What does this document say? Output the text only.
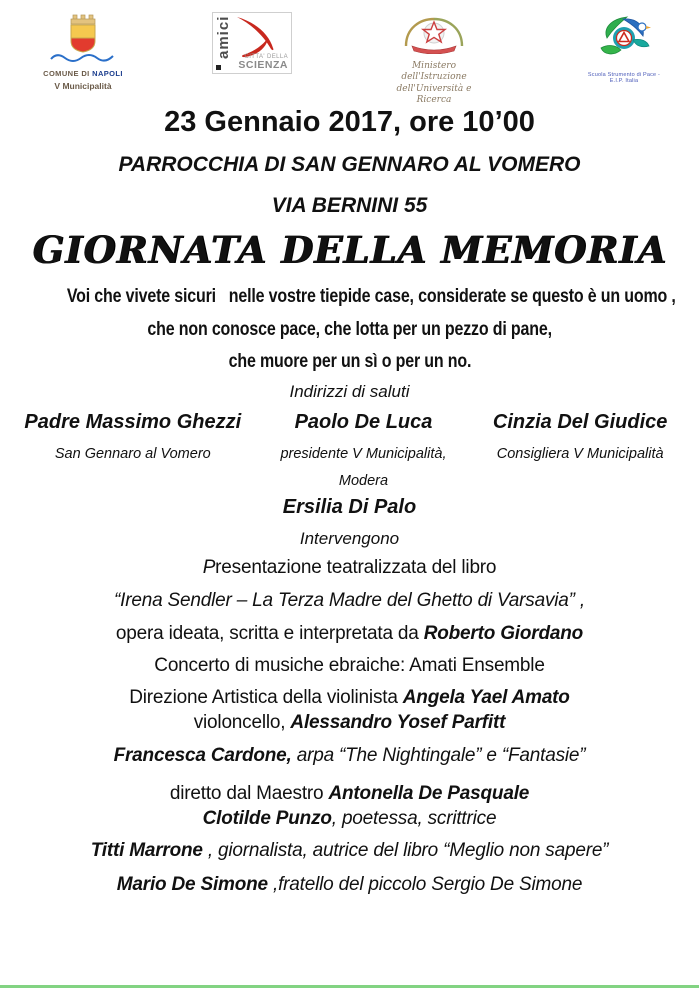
COMUNE DI NAPOLI
V Municipalità
amici	CITTA' DELLA
SCIENZA	Ministero dell'Istruzione
dell'Università e Ricerca
Scuola Strumento di Pace - E.I.P. Italia
23 Gennaio 2017, ore 10’00
PARROCCHIA DI SAN GENNARO AL VOMERO
VIA BERNINI 55
GIORNATA DELLA MEMORIA
Voi che vivete sicuri   nelle vostre tiepide case, considerate se questo è un uomo ,
che non conosce pace, che lotta per un pezzo di pane,
che muore per un sì o per un no.
Indirizzi di saluti
Padre Massimo Ghezzi	Paolo De Luca	Cinzia Del Giudice
San Gennaro al Vomero	presidente V Municipalità,	Consigliera V Municipalità
Modera
Ersilia Di Palo
Intervengono
Presentazione teatralizzata del libro
“Irena Sendler – La Terza Madre del Ghetto di Varsavia” ,
opera ideata, scritta e interpretata da Roberto Giordano
Concerto di musiche ebraiche: Amati Ensemble
Direzione Artistica della violinista Angela Yael Amato
violoncello, Alessandro Yosef Parfitt
Francesca Cardone, arpa “The Nightingale” e “Fantasie”
diretto dal Maestro Antonella De Pasquale
Clotilde Punzo, poetessa, scrittrice
Titti Marrone , giornalista, autrice del libro “Meglio non sapere”
Mario De Simone ,fratello del piccolo Sergio De Simone
